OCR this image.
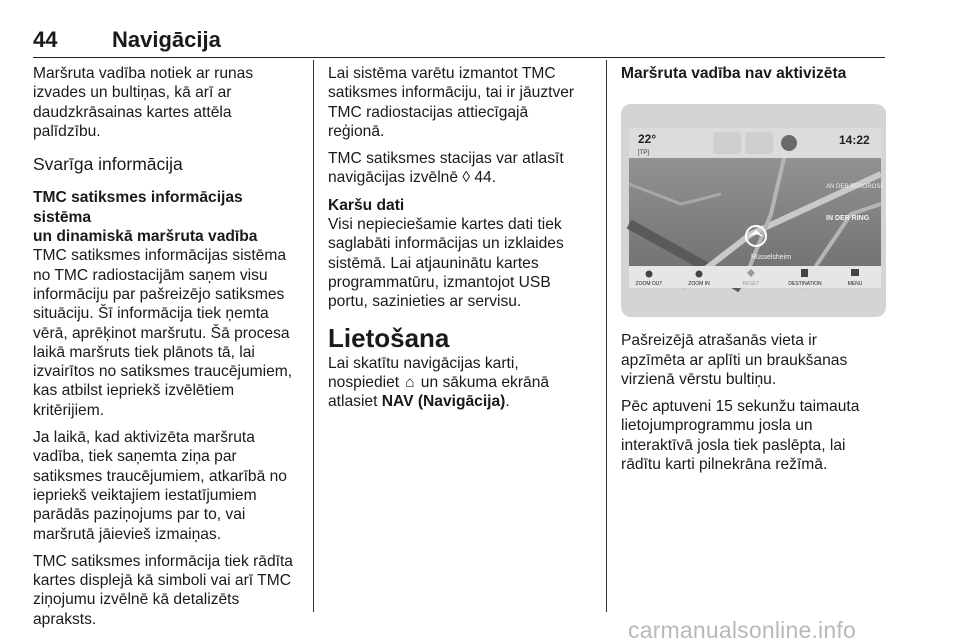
44 Navigācija

Maršruta vadība notiek ar runas
izvades un bultiņas, kā arī ar
daudzkrāsainas kartes attēla
palīdzību.

Svarīga informācija

TMC satiksmes informācijas sistēma
un dinamiskā maršruta vadība

TMC satiksmes informācijas sistēma
no TMC radiostacijām saņem visu
informāciju par pašreizējo satiksmes
situāciju. Šī informācija tiek ņemta
vērā, aprēķinot maršrutu. Šā procesa
laikā maršruts tiek plānots tā, lai
izvairītos no satiksmes traucējumiem,
kas atbilst iepriekš izvēlētiem
kritērijiem.

Ja laikā, kad aktivizēta maršruta
vadība, tiek saņemta ziņa par
satiksmes traucējumiem, atkarībā no
iepriekš veiktajiem iestatījumiem
parādās paziņojums par to, vai
maršrutā jāievieš izmaiņas.

TMC satiksmes informācija tiek rādīta
kartes displejā kā simboli vai arī TMC
ziņojumu izvēlnē kā detalizēts
apraksts.

Lai sistēma varētu izmantot TMC
satiksmes informāciju, tai ir jāuztver
TMC radiostacijas attiecīgajā
reģionā.

TMC satiksmes stacijas var atlasīt
navigācijas izvēlnē ◊ 44.

Karšu dati

Visi nepieciešamie kartes dati tiek
saglabāti informācijas un izklaides
sistēmā. Lai atjauninātu kartes
programmatūru, izmantojot USB
portu, sazinieties ar servisu.

Lietošana
Lai skatītu navigācijas karti,
nospiediet ⌂ un sākuma ekrānā
atlasiet NAV (Navigācija).
Maršruta vadība nav aktivizēta
22°
[TP]
14:22
AN DER BERGROSE
IN DER RING
Rüsselsheim
ZOOM OUT	ZOOM IN	RESET	DESTINATION	MENU

Pašreizējā atrašanās vieta ir
apzīmēta ar aplīti un braukšanas
virzienā vērstu bultiņu.

Pēc aptuveni 15 sekunžu taimauta
lietojumprogrammu josla un
interaktīvā josla tiek paslēpta, lai
rādītu karti pilnekrāna režīmā.

carmanualsonline.info
